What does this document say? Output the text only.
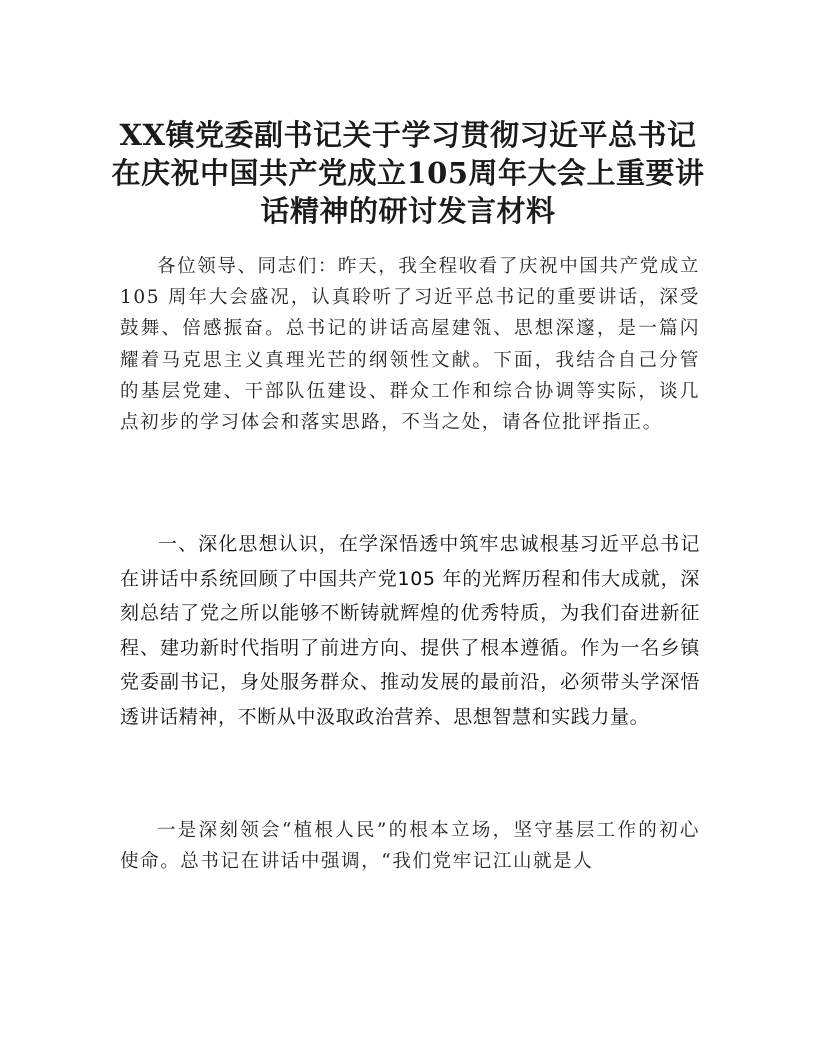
XX镇党委副书记关于学习贯彻习近平总书记在庆祝中国共产党成立105周年大会上重要讲话精神的研讨发言材料

各位领导、同志们：昨天，我全程收看了庆祝中国共产党成立105 周年大会盛况，认真聆听了习近平总书记的重要讲话，深受鼓舞、倍感振奋。总书记的讲话高屋建瓴、思想深邃，是一篇闪耀着马克思主义真理光芒的纲领性文献。下面，我结合自己分管的基层党建、干部队伍建设、群众工作和综合协调等实际，谈几点初步的学习体会和落实思路，不当之处，请各位批评指正。

一、深化思想认识，在学深悟透中筑牢忠诚根基习近平总书记在讲话中系统回顾了中国共产党105 年的光辉历程和伟大成就，深刻总结了党之所以能够不断铸就辉煌的优秀特质，为我们奋进新征程、建功新时代指明了前进方向、提供了根本遵循。作为一名乡镇党委副书记，身处服务群众、推动发展的最前沿，必须带头学深悟透讲话精神，不断从中汲取政治营养、思想智慧和实践力量。

一是深刻领会“植根人民”的根本立场，坚守基层工作的初心使命。总书记在讲话中强调，“我们党牢记江山就是人
